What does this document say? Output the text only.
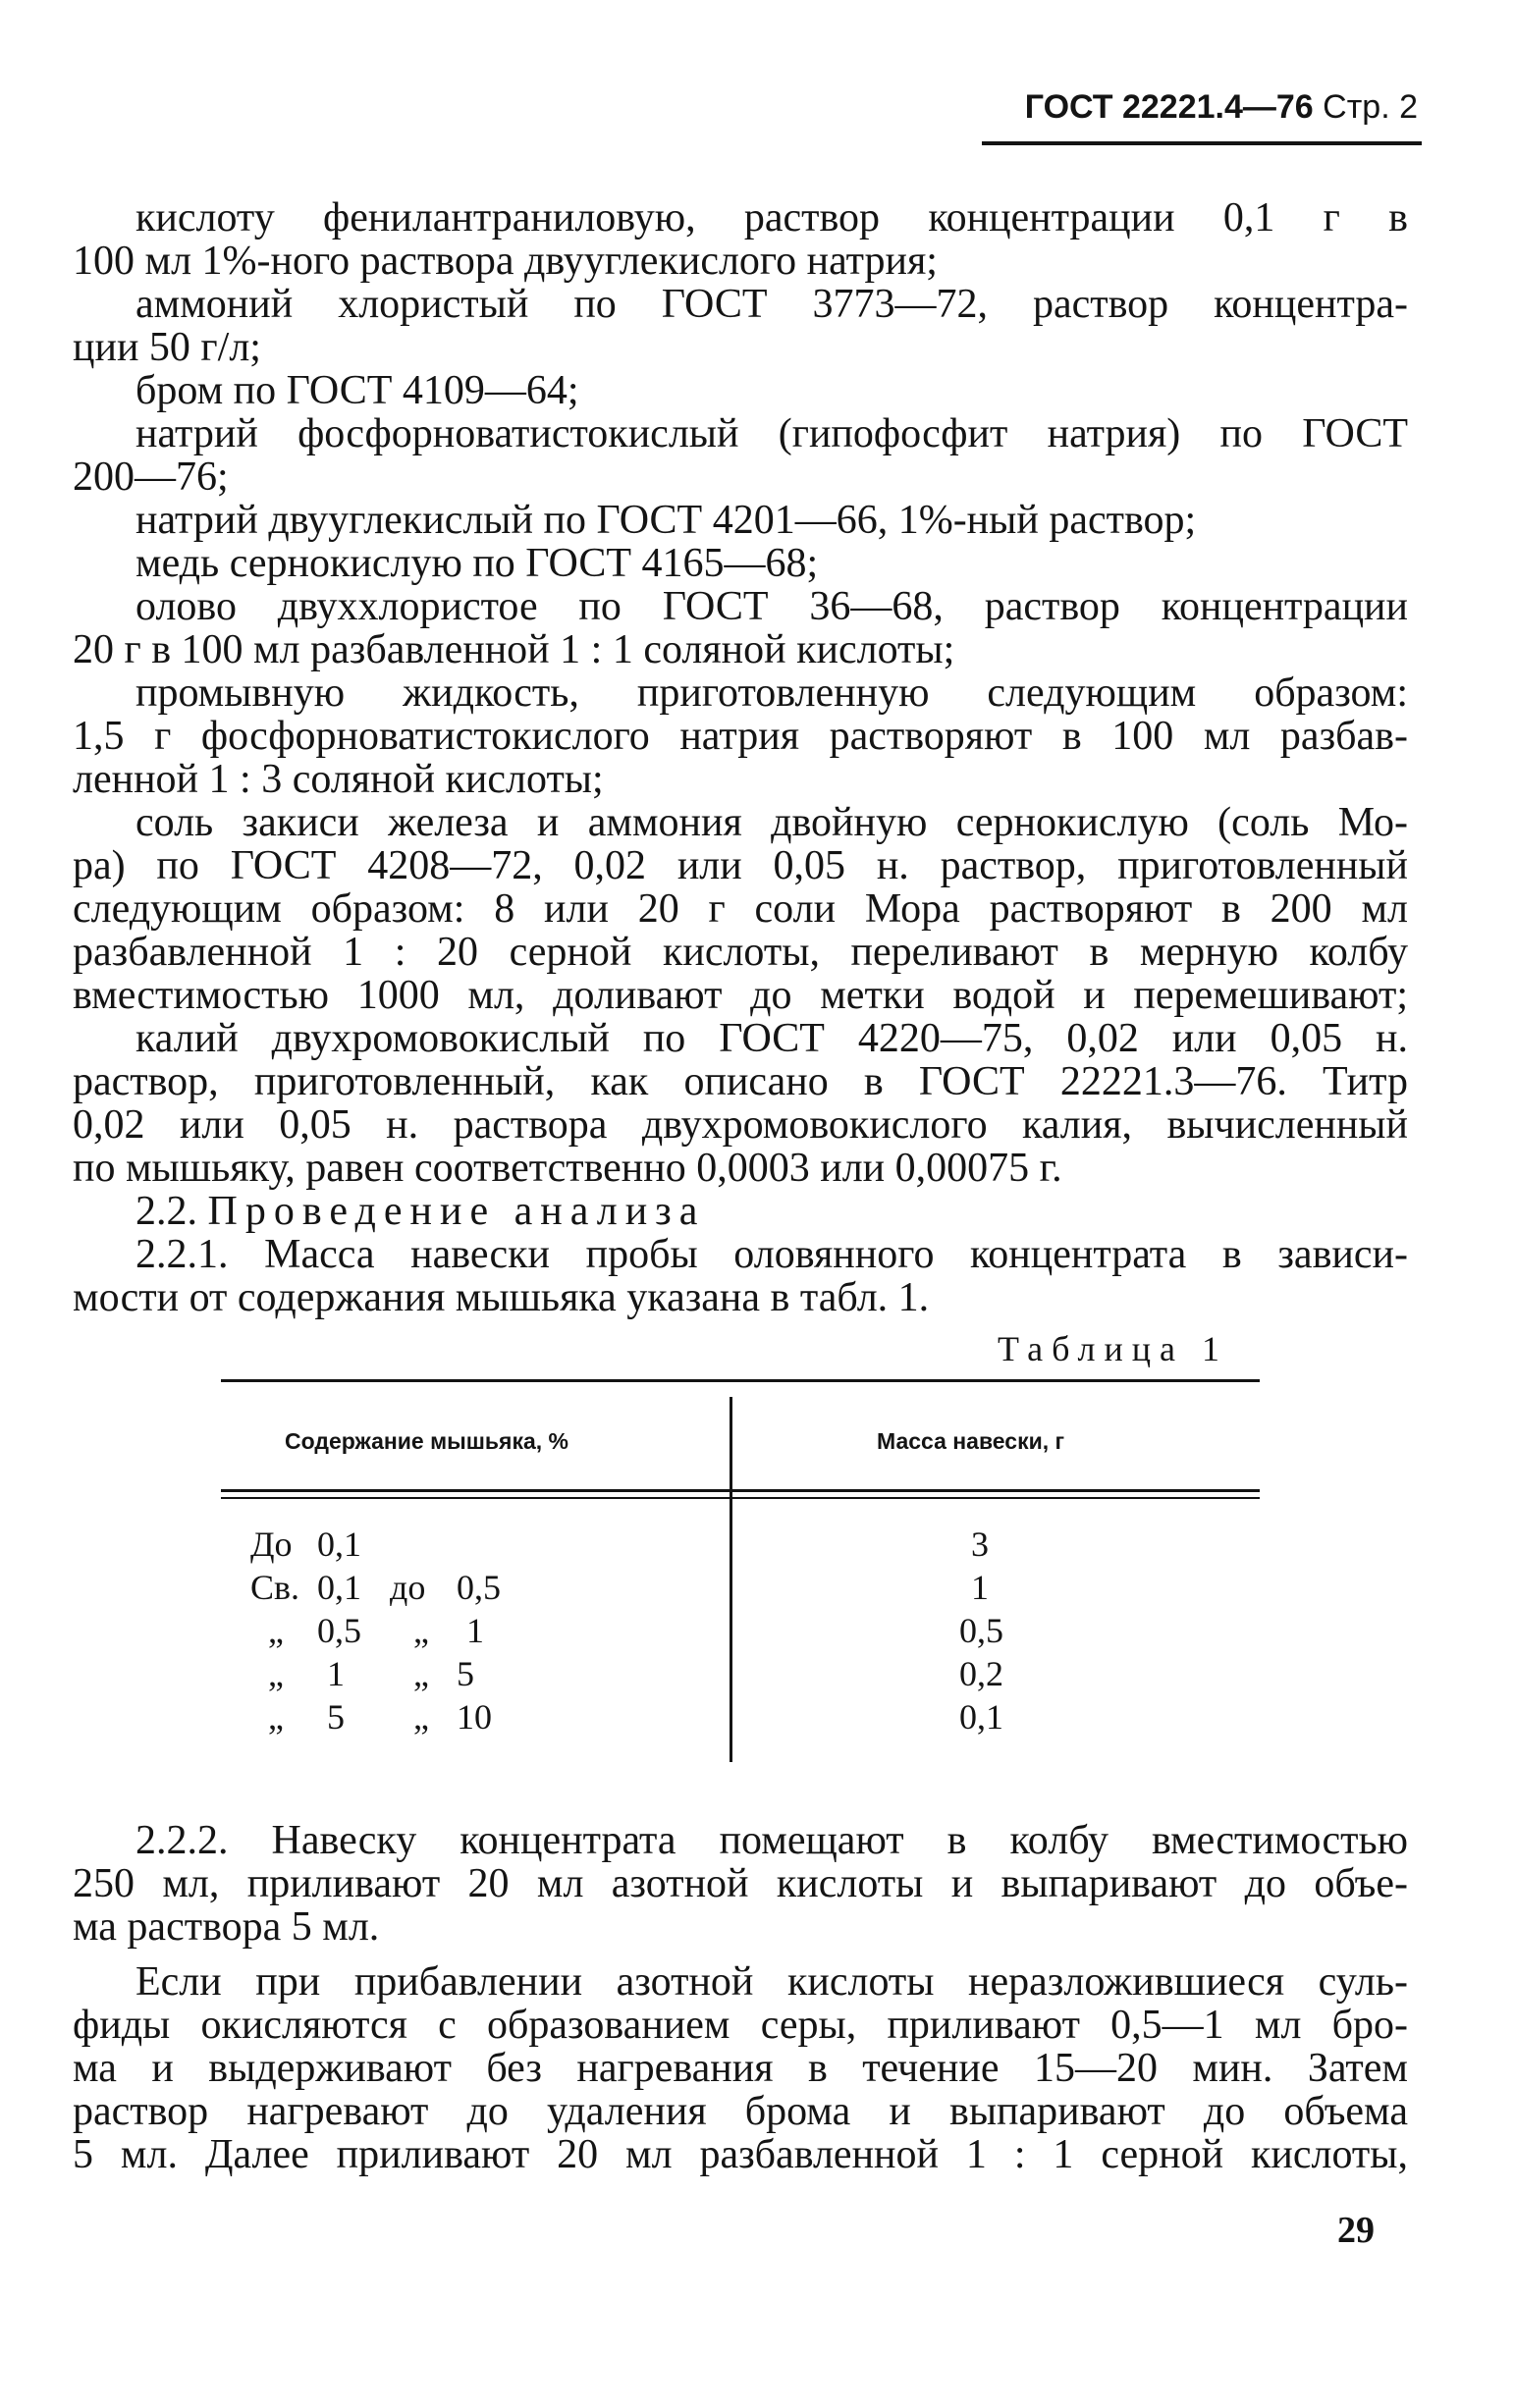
ГОСТ 22221.4—76 Стр. 2
кислоту фенилантраниловую, раствор концентрации 0,1 г в
100 мл 1%-ного раствора двууглекислого натрия;
аммоний хлористый по ГОСТ 3773—72, раствор концентра-
ции 50 г/л;
бром по ГОСТ 4109—64;
натрий фосфорноватистокислый (гипофосфит натрия) по ГОСТ
200—76;
натрий двууглекислый по ГОСТ 4201—66, 1%-ный раствор;
медь сернокислую по ГОСТ 4165—68;
олово двуххлористое по ГОСТ 36—68, раствор концентрации
20 г в 100 мл разбавленной 1 : 1 соляной кислоты;
промывную жидкость, приготовленную следующим образом:
1,5 г фосфорноватистокислого натрия растворяют в 100 мл разбав-
ленной 1 : 3 соляной кислоты;
соль закиси железа и аммония двойную сернокислую (соль Мо-
ра) по ГОСТ 4208—72, 0,02 или 0,05 н. раствор, приготовленный
следующим образом: 8 или 20 г соли Мора растворяют в 200 мл
разбавленной 1 : 20 серной кислоты, переливают в мерную колбу
вместимостью 1000 мл, доливают до метки водой и перемешивают;
калий двухромовокислый по ГОСТ 4220—75, 0,02 или 0,05 н.
раствор, приготовленный, как описано в ГОСТ 22221.3—76. Титр
0,02 или 0,05 н. раствора двухромовокислого калия, вычисленный
по мышьяку, равен соответственно 0,0003 или 0,00075 г.
2.2. Проведение анализа
2.2.1. Масса навески пробы оловянного концентрата в зависи-
мости от содержания мышьяка указана в табл. 1.
Таблица 1
Содержание мышьяка, %	Масса навески, г
До 0,1	3
Св. 0,1 до 0,5	1
„ 0,5 „ 1	0,5
„ 1 „ 5	0,2
„ 5 „ 10	0,1
2.2.2. Навеску концентрата помещают в колбу вместимостью
250 мл, приливают 20 мл азотной кислоты и выпаривают до объе-
ма раствора 5 мл.
Если при прибавлении азотной кислоты неразложившиеся суль-
фиды окисляются с образованием серы, приливают 0,5—1 мл бро-
ма и выдерживают без нагревания в течение 15—20 мин. Затем
раствор нагревают до удаления брома и выпаривают до объема
5 мл. Далее приливают 20 мл разбавленной 1 : 1 серной кислоты,
29
